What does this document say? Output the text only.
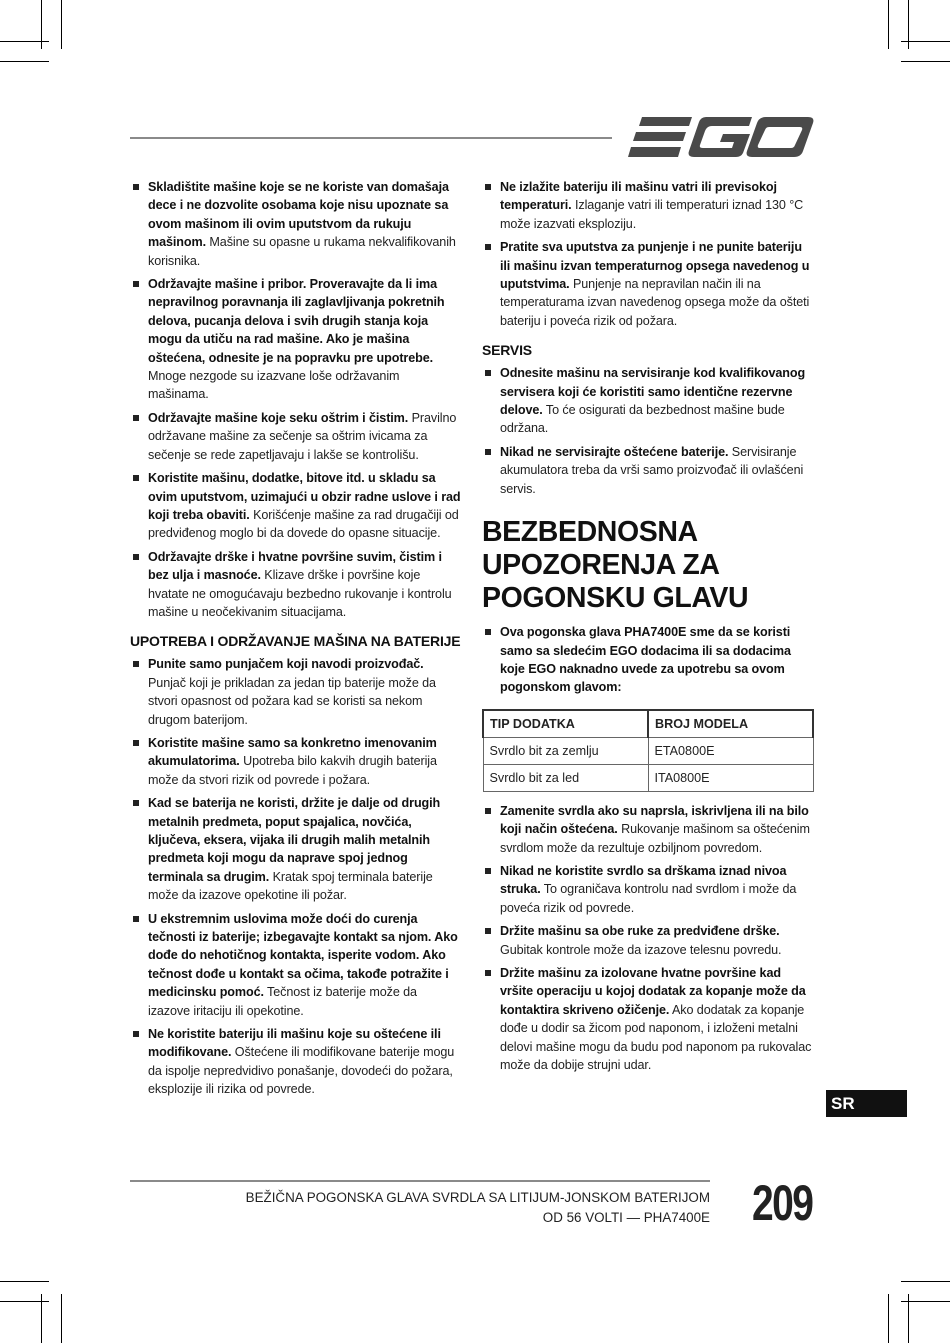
Skladištite mašine koje se ne koriste van domašaja dece i ne dozvolite osobama koje nisu upoznate sa ovom mašinom ili ovim uputstvom da rukuju mašinom. Mašine su opasne u rukama nekvalifikovanih korisnika.
Održavajte mašine i pribor. Proveravajte da li ima nepravilnog poravnanja ili zaglavljivanja pokretnih delova, pucanja delova i svih drugih stanja koja mogu da utiču na rad mašine. Ako je mašina oštećena, odnesite je na popravku pre upotrebe. Mnoge nezgode su izazvane loše održavanim mašinama.
Održavajte mašine koje seku oštrim i čistim. Pravilno održavane mašine za sečenje sa oštrim ivicama za sečenje se rede zapetljavaju i lakše se kontrolišu.
Koristite mašinu, dodatke, bitove itd. u skladu sa ovim uputstvom, uzimajući u obzir radne uslove i rad koji treba obaviti. Korišćenje mašine za rad drugačiji od predviđenog moglo bi da dovede do opasne situacije.
Održavajte drške i hvatne površine suvim, čistim i bez ulja i masnoće. Klizave drške i površine koje hvatate ne omogućavaju bezbedno rukovanje i kontrolu mašine u neočekivanim situacijama.
UPOTREBA I ODRŽAVANJE MAŠINA NA BATERIJE
Punite samo punjačem koji navodi proizvođač. Punjač koji je prikladan za jedan tip baterije može da stvori opasnost od požara kad se koristi sa nekom drugom baterijom.
Koristite mašine samo sa konkretno imenovanim akumulatorima. Upotreba bilo kakvih drugih baterija može da stvori rizik od povrede i požara.
Kad se baterija ne koristi, držite je dalje od drugih metalnih predmeta, poput spajalica, novčića, ključeva, eksera, vijaka ili drugih malih metalnih predmeta koji mogu da naprave spoj jednog terminala sa drugim. Kratak spoj terminala baterije može da izazove opekotine ili požar.
U ekstremnim uslovima može doći do curenja tečnosti iz baterije; izbegavajte kontakt sa njom. Ako dođe do nehotičnog kontakta, isperite vodom. Ako tečnost dođe u kontakt sa očima, takođe potražite i medicinsku pomoć. Tečnost iz baterije može da izazove iritaciju ili opekotine.
Ne koristite bateriju ili mašinu koje su oštećene ili modifikovane. Oštećene ili modifikovane baterije mogu da ispolje nepredvidivo ponašanje, dovodeći do požara, eksplozije ili rizika od povrede.
Ne izlažite bateriju ili mašinu vatri ili previsokoj temperaturi. Izlaganje vatri ili temperaturi iznad 130 °C može izazvati eksploziju.
Pratite sva uputstva za punjenje i ne punite bateriju ili mašinu izvan temperaturnog opsega navedenog u uputstvima. Punjenje na nepravilan način ili na temperaturama izvan navedenog opsega može da ošteti bateriju i poveća rizik od požara.
SERVIS
Odnesite mašinu na servisiranje kod kvalifikovanog servisera koji će koristiti samo identične rezervne delove. To će osigurati da bezbednost mašine bude održana.
Nikad ne servisirajte oštećene baterije. Servisiranje akumulatora treba da vrši samo proizvođač ili ovlašćeni servis.
BEZBEDNOSNA
UPOZORENJA ZA
POGONSKU GLAVU
Ova pogonska glava PHA7400E sme da se koristi samo sa sledećim EGO dodacima ili sa dodacima koje EGO naknadno uvede za upotrebu sa ovom pogonskom glavom:
TIP DODATKA	BROJ MODELA
Svrdlo bit za zemlju	ETA0800E
Svrdlo bit za led	ITA0800E
Zamenite svrdla ako su naprsla, iskrivljena ili na bilo koji način oštećena. Rukovanje mašinom sa oštećenim svrdlom može da rezultuje ozbiljnom povredom.
Nikad ne koristite svrdlo sa drškama iznad nivoa struka. To ograničava kontrolu nad svrdlom i može da poveća rizik od povrede.
Držite mašinu sa obe ruke za predviđene drške. Gubitak kontrole može da izazove telesnu povredu.
Držite mašinu za izolovane hvatne površine kad vršite operaciju u kojoj dodatak za kopanje može da kontaktira skriveno ožičenje. Ako dodatak za kopanje dođe u dodir sa žicom pod naponom, i izloženi metalni delovi mašine mogu da budu pod naponom pa rukovalac može da dobije strujni udar.
SR
BEŽIČNA POGONSKA GLAVA SVRDLA SA LITIJUM-JONSKOM BATERIJOM
OD 56 VOLTI — PHA7400E 209
